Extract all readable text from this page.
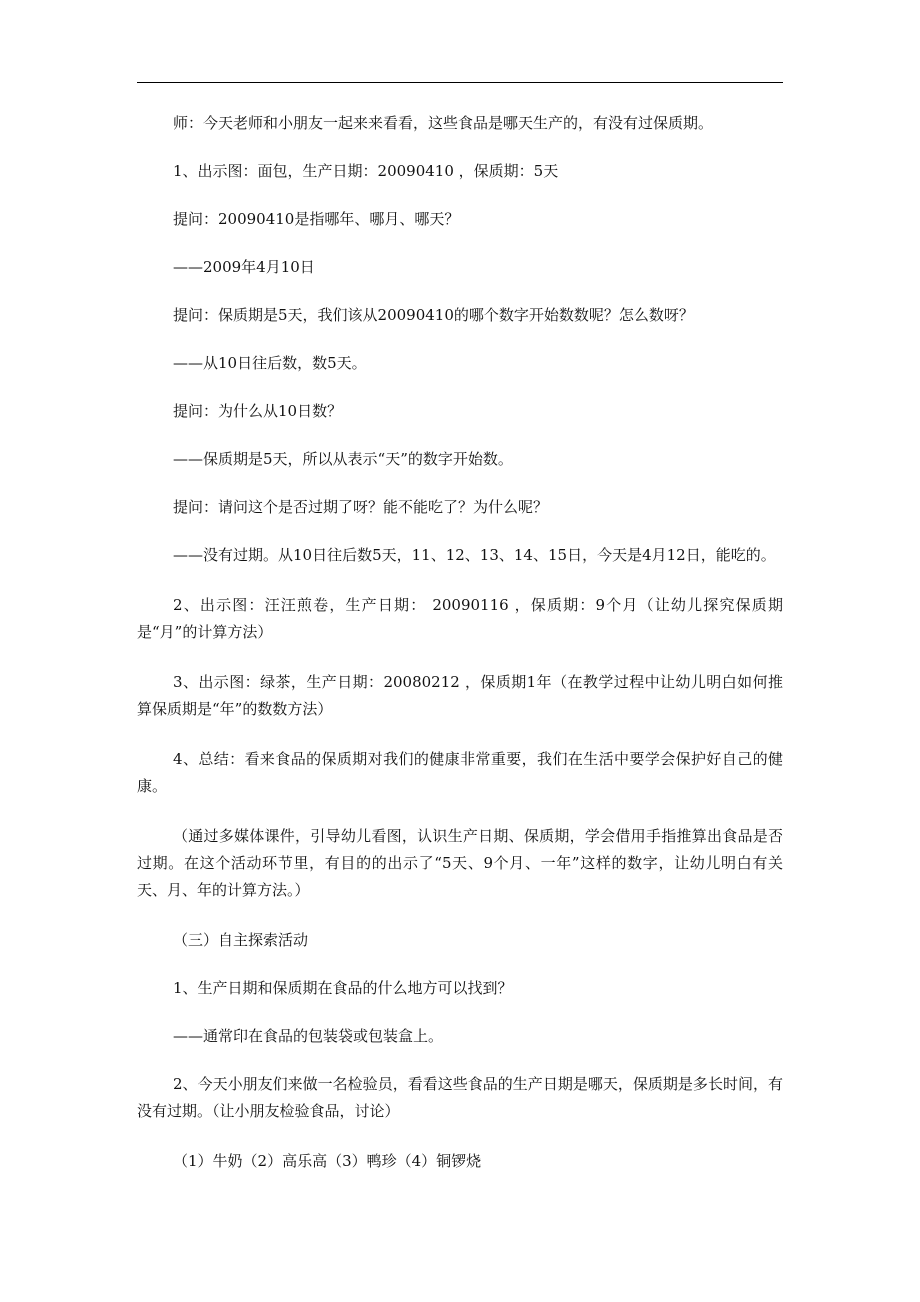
师：今天老师和小朋友一起来来看看，这些食品是哪天生产的，有没有过保质期。

1、出示图：面包，生产日期：20090410 ，保质期：5天

提问：20090410是指哪年、哪月、哪天？

——2009年4月10日

提问：保质期是5天，我们该从20090410的哪个数字开始数数呢？怎么数呀？

——从10日往后数，数5天。

提问：为什么从10日数？

——保质期是5天，所以从表示“天”的数字开始数。

提问：请问这个是否过期了呀？能不能吃了？为什么呢？

——没有过期。从10日往后数5天，11、12、13、14、15日，今天是4月12日，能吃的。

2、出示图：汪汪煎卷，生产日期： 20090116 ，保质期：9个月（让幼儿探究保质期是“月”的计算方法）

3、出示图：绿茶，生产日期：20080212 ，保质期1年（在教学过程中让幼儿明白如何推算保质期是“年”的数数方法）

4、总结：看来食品的保质期对我们的健康非常重要，我们在生活中要学会保护好自己的健康。

（通过多媒体课件，引导幼儿看图，认识生产日期、保质期，学会借用手指推算出食品是否过期。在这个活动环节里，有目的的出示了“5天、9个月、一年”这样的数字，让幼儿明白有关天、月、年的计算方法。）

（三）自主探索活动

1、生产日期和保质期在食品的什么地方可以找到？

——通常印在食品的包装袋或包装盒上。

2、今天小朋友们来做一名检验员，看看这些食品的生产日期是哪天，保质期是多长时间，有没有过期。（让小朋友检验食品，讨论）

（1）牛奶（2）高乐高（3）鸭珍（4）铜锣烧
